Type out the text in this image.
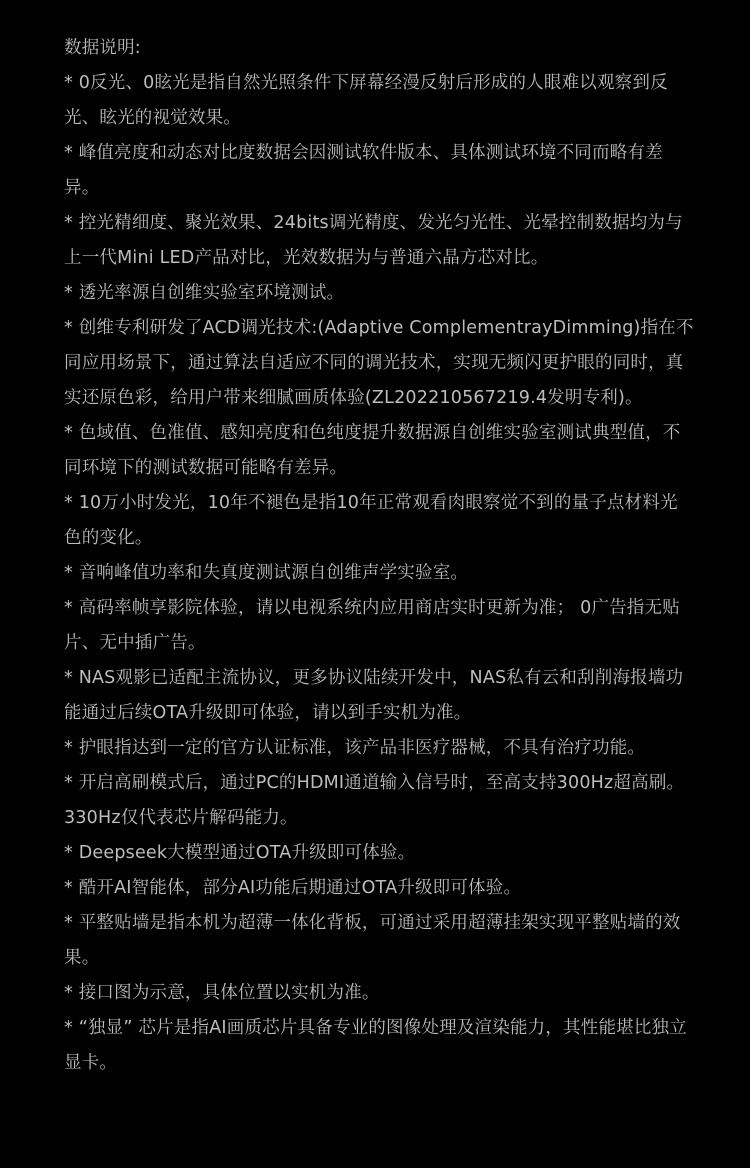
数据说明:

* 0反光、0眩光是指自然光照条件下屏幕经漫反射后形成的人眼难以观察到反光、眩光的视觉效果。

* 峰值亮度和动态对比度数据会因测试软件版本、具体测试环境不同而略有差异。

* 控光精细度、聚光效果、24bits调光精度、发光匀光性、光晕控制数据均为与上一代Mini LED产品对比，光效数据为与普通六晶方芯对比。

* 透光率源自创维实验室环境测试。

* 创维专利研发了ACD调光技术:(Adaptive ComplementrayDimming)指在不同应用场景下，通过算法自适应不同的调光技术，实现无频闪更护眼的同时，真实还原色彩，给用户带来细腻画质体验(ZL202210567219.4发明专利)。

* 色域值、色准值、感知亮度和色纯度提升数据源自创维实验室测试典型值，不同环境下的测试数据可能略有差异。

* 10万小时发光，10年不褪色是指10年正常观看肉眼察觉不到的量子点材料光色的变化。

* 音响峰值功率和失真度测试源自创维声学实验室。

* 高码率帧享影院体验，请以电视系统内应用商店实时更新为准； 0广告指无贴片、无中插广告。

* NAS观影已适配主流协议，更多协议陆续开发中，NAS私有云和刮削海报墙功能通过后续OTA升级即可体验，请以到手实机为准。

* 护眼指达到一定的官方认证标准，该产品非医疗器械，不具有治疗功能。

* 开启高刷模式后，通过PC的HDMI通道输入信号时，至高支持300Hz超高刷。330Hz仅代表芯片解码能力。

* Deepseek大模型通过OTA升级即可体验。

* 酷开AI智能体，部分AI功能后期通过OTA升级即可体验。

* 平整贴墙是指本机为超薄一体化背板，可通过采用超薄挂架实现平整贴墙的效果。

* 接口图为示意，具体位置以实机为准。

* “独显” 芯片是指AI画质芯片具备专业的图像处理及渲染能力，其性能堪比独立显卡。
